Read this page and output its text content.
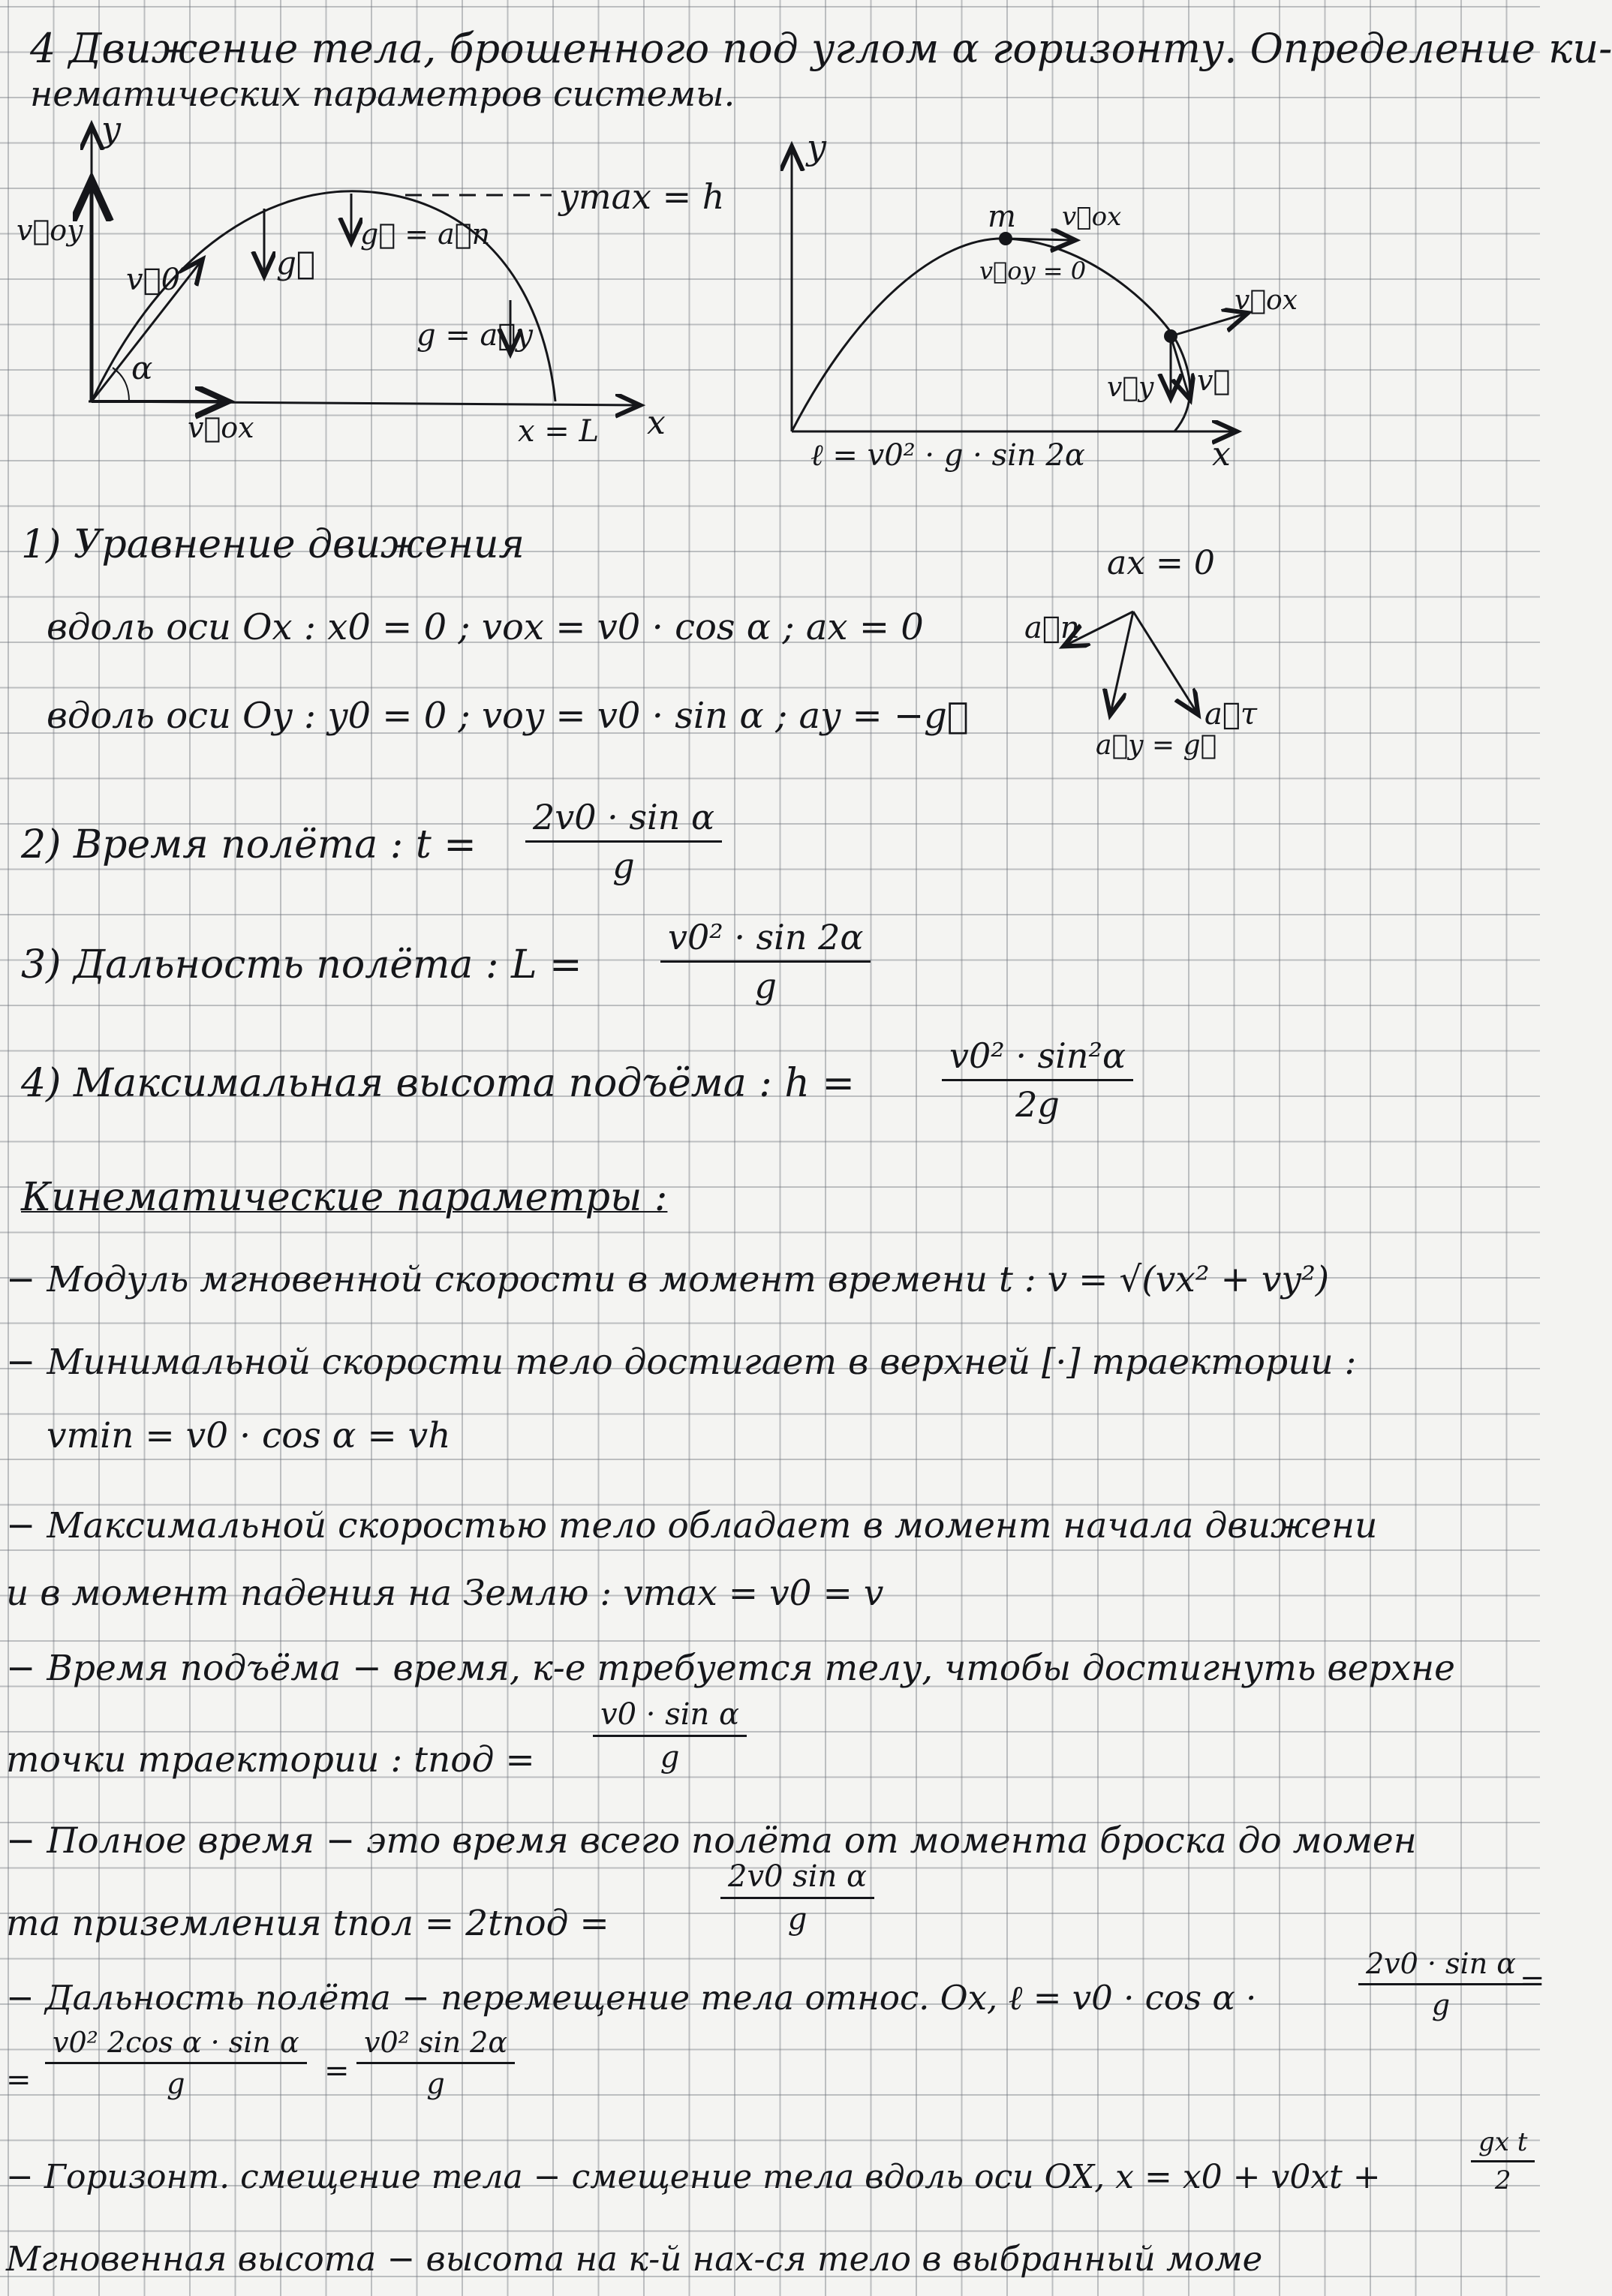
4 Движение тела, брошенного под углом ɑ горизонту. Определение ки-
нематических параметров системы.
y
v⃗oy
v⃗0
α
v⃗ox
g⃗
g⃗ = a⃗n
ymax = h
g = a⃗y
x = L x
y
m v⃗ox
v⃗oy = 0
v⃗ox
v⃗y v⃗
x
ℓ = v0² · g · sin 2α
ax = 0
a⃗n
a⃗y = g⃗
a⃗τ
1) Уравнение движения
вдоль оси Ox : x0 = 0 ; vox = v0 · cos α ; ax = 0
вдоль оси Oy : y0 = 0 ; voy = v0 · sin α ; ay = −g⃗
2) Время полёта : $t = \frac{\text{2v0 · sin α}}{g}$
3) Дальность полёта : $L = \frac{\text{v0² · sin 2α}}{g}$
4) Максимальная высота подъёма : h =	$\frac{\text{v0² · sin²α}}{2g}$
Кинематические параметры :
− Модуль мгновенной скорости в момент времени t : v = √(vx² + vy²)
− Минимальной скорости тело достигает в верхней [·] траектории :
vmin = v0 · cos α = vh
− Максимальной скоростью тело обладает в момент начала движени
и в момент падения на Землю : vmax = v0 = v
− Время подъёма − время, к-е требуется телу, чтобы достигнуть верхне
точки траектории : tпод = $\frac{\text{v0 · sin α}}{g}$
− Полное время − это время всего полёта от момента броска до момен
та приземления tпол = 2tпод =	$\frac{\text{2v0 sin α}}{g}$
− Дальность полёта − перемещение тела относ. Ox, ℓ = v0 · cos α ·	$\frac{\text{2v0 · sin α}}{g}$
=
= $\frac{\text{v0² 2cos α · sin α}}{g} = \frac{\text{v0² sin 2α}}{g}$
− Горизонт. смещение тела − смещение тела вдоль оси OX, x = x0 + v0xt +	$\frac{\text{gx t}}{2}$
Мгновенная высота − высота на к-й нах-ся тело в выбранный моме
